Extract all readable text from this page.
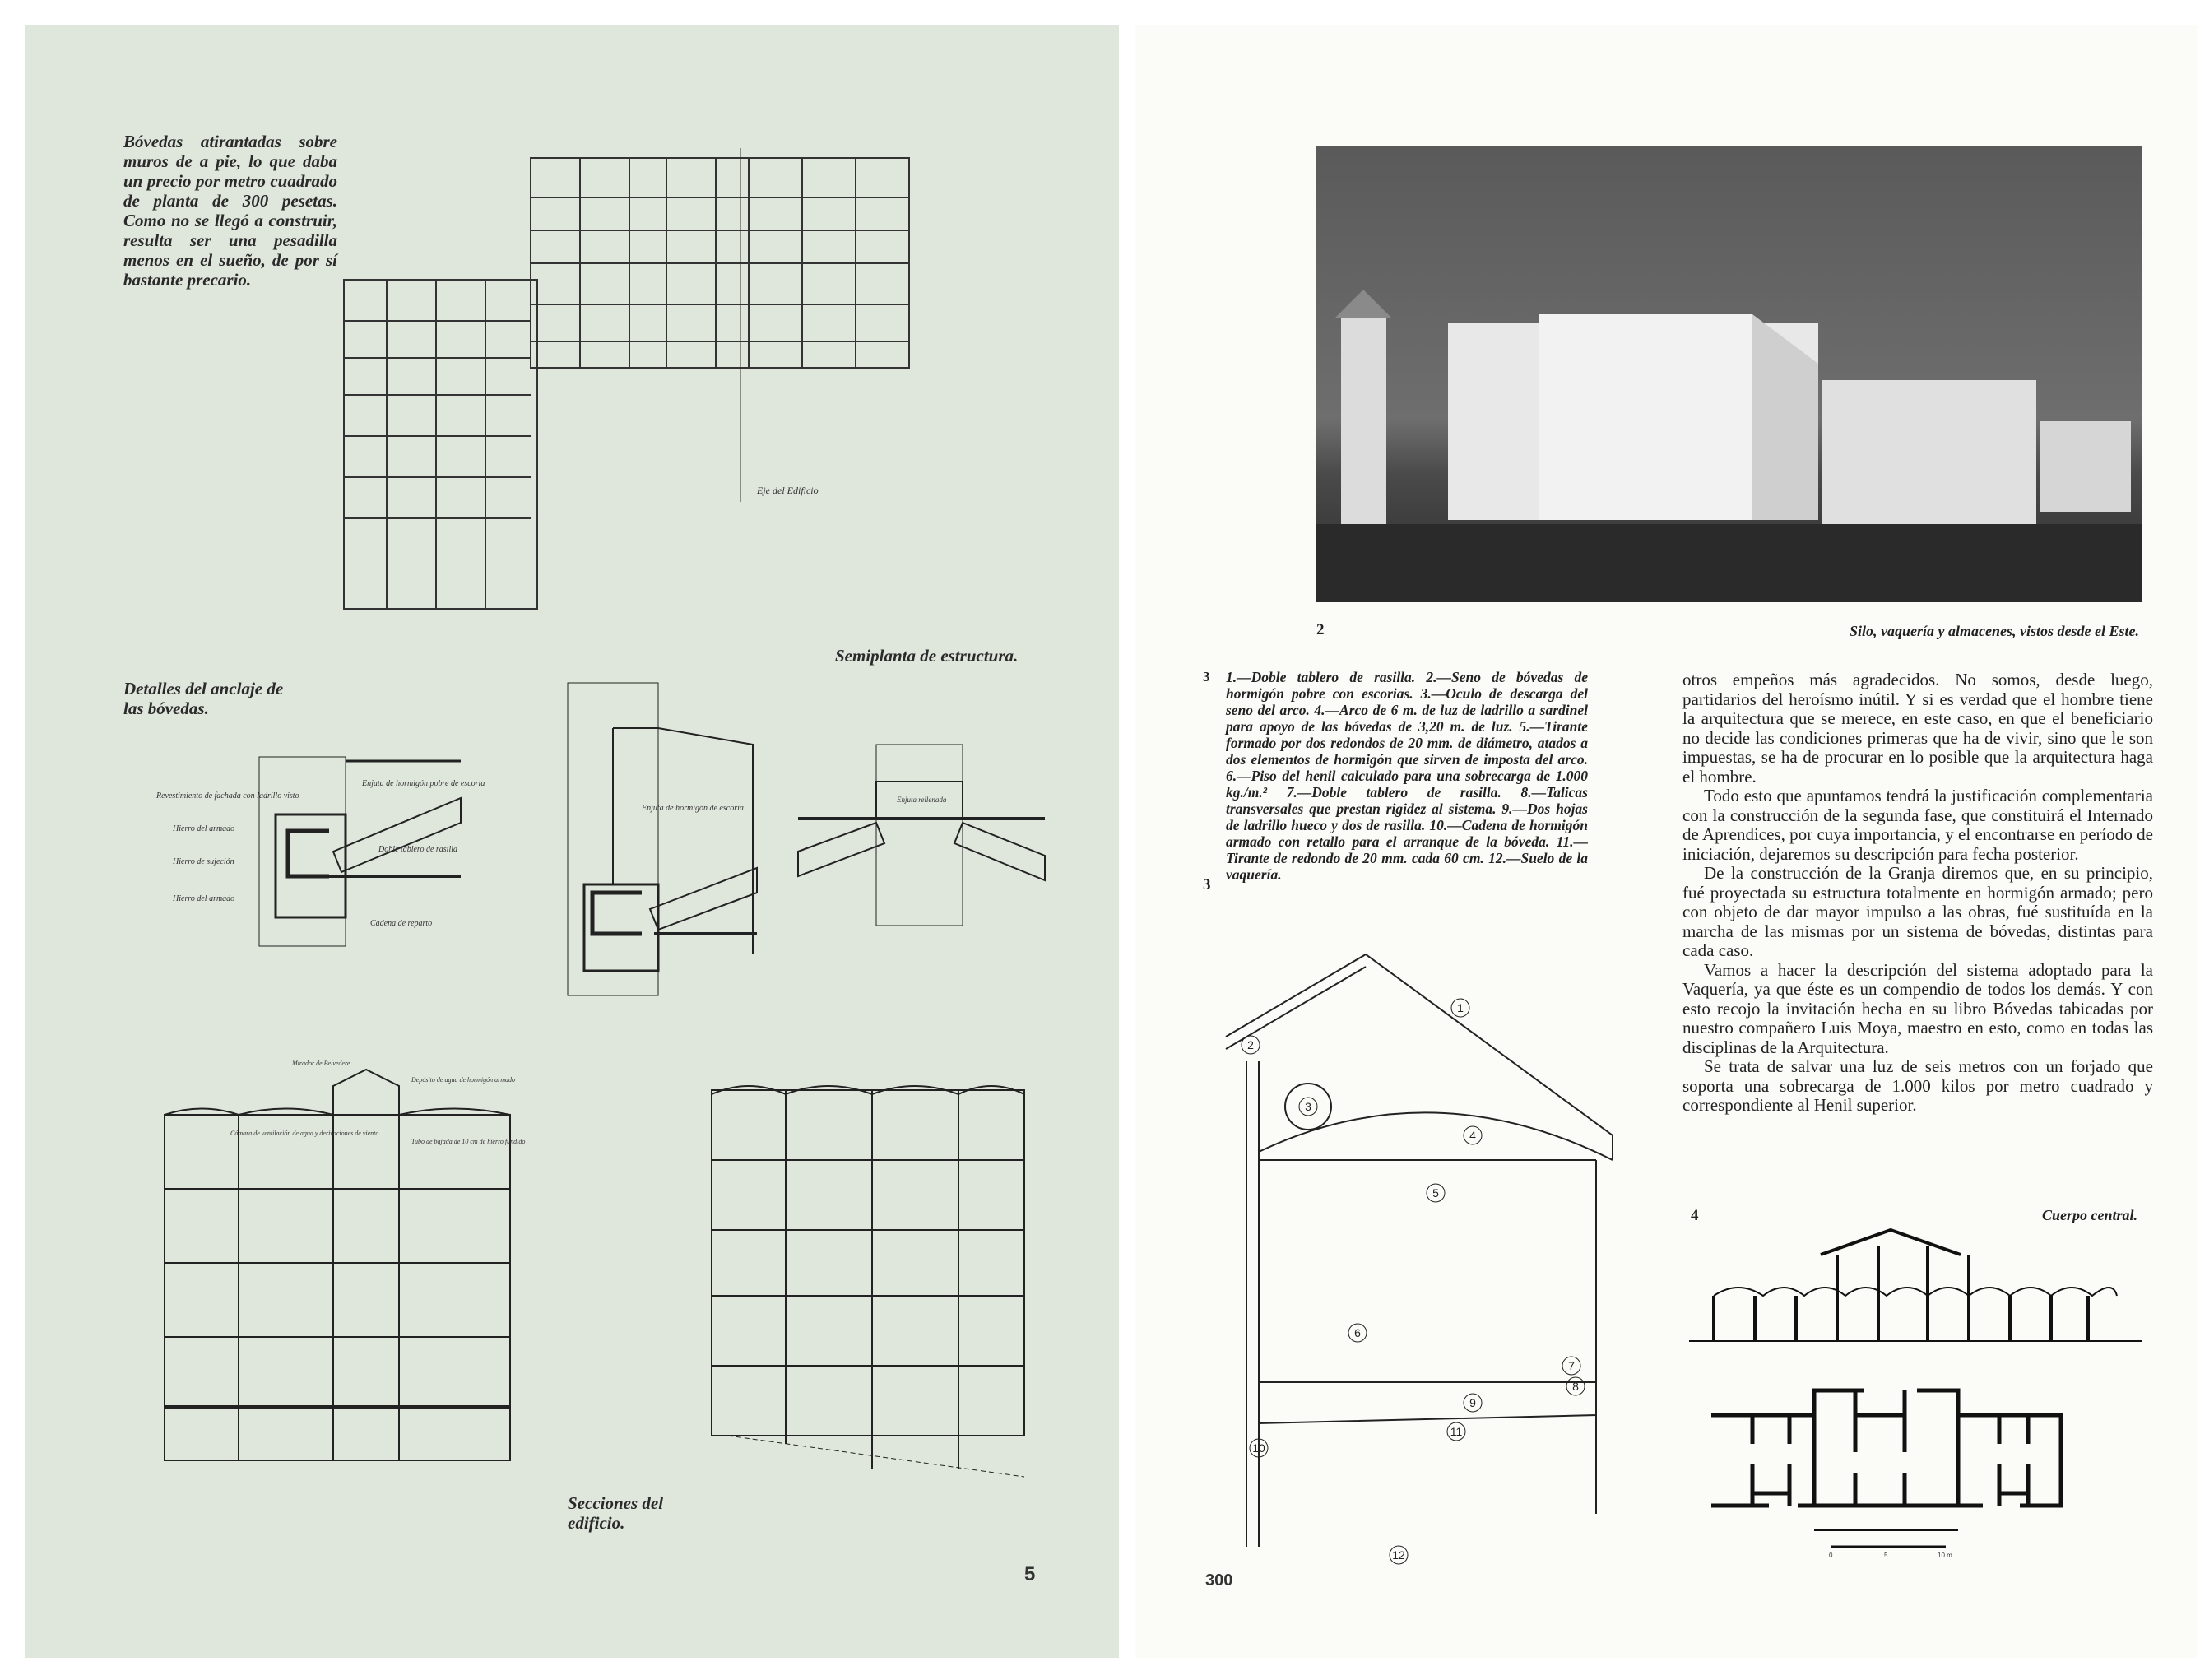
Bóvedas atirantadas sobre muros de a pie, lo que daba un precio por metro cuadrado de planta de 300 pesetas. Como no se llegó a construir, resulta ser una pesadilla menos en el sueño, de por sí bastante precario.
Eje del Edificio
Semiplanta de estructura.
Detalles del anclaje de las bóvedas.
Revestimiento de fachada con ladrillo visto
Hierro del armado
Hierro de sujeción
Hierro del armado
Enjuta de hormigón pobre de escoria
Doble tablero de rasilla
Cadena de reparto
Enjuta de hormigón de escoria
Enjuta rellenada
Mirador de Belvedere
Depósito de agua de hormigón armado
Cámara de ventilación de agua y derivaciones de viento
Tubo de bajada de 10 cm de hierro fundido
Secciones del edificio.
5
2	Silo, vaquería y almacenes, vistos desde el Este.
3 1.—Doble tablero de rasilla. 2.—Seno de bóvedas de hormigón pobre con escorias. 3.—Oculo de descarga del seno del arco. 4.—Arco de 6 m. de luz de ladrillo a sardinel para apoyo de las bóvedas de 3,20 m. de luz. 5.—Tirante formado por dos redondos de 20 mm. de diámetro, atados a dos elementos de hormigón que sirven de imposta del arco. 6.—Piso del henil calculado para una sobrecarga de 1.000 kg./m.² 7.—Doble tablero de rasilla. 8.—Talicas transversales que prestan rigidez al sistema. 9.—Dos hojas de ladrillo hueco y dos de rasilla. 10.—Cadena de hormigón armado con retallo para el arranque de la bóveda. 11.—Tirante de redondo de 20 mm. cada 60 cm. 12.—Suelo de la vaquería.
3
1
2
3
4
5
6
7
8
9
10
11
12

otros empeños más agradecidos. No somos, desde luego, partidarios del heroísmo inútil. Y si es verdad que el hombre tiene la arquitectura que se merece, en este caso, en que el beneficiario no decide las condiciones primeras que ha de vivir, sino que le son impuestas, se ha de procurar en lo posible que la arquitectura haga el hombre.

Todo esto que apuntamos tendrá la justificación complementaria con la construcción de la segunda fase, que constituirá el Internado de Aprendices, por cuya importancia, y el encontrarse en período de iniciación, dejaremos su descripción para fecha posterior.

De la construcción de la Granja diremos que, en su principio, fué proyectada su estructura totalmente en hormigón armado; pero con objeto de dar mayor impulso a las obras, fué sustituída en la marcha de las mismas por un sistema de bóvedas, distintas para cada caso.

Vamos a hacer la descripción del sistema adoptado para la Vaquería, ya que éste es un compendio de todos los demás. Y con esto recojo la invitación hecha en su libro Bóvedas tabicadas por nuestro compañero Luis Moya, maestro en esto, como en todas las disciplinas de la Arquitectura.

Se trata de salvar una luz de seis metros con un forjado que soporta una sobrecarga de 1.000 kilos por metro cuadrado y correspondiente al Henil superior.

4	Cuerpo central.
0	5	10 m
300
